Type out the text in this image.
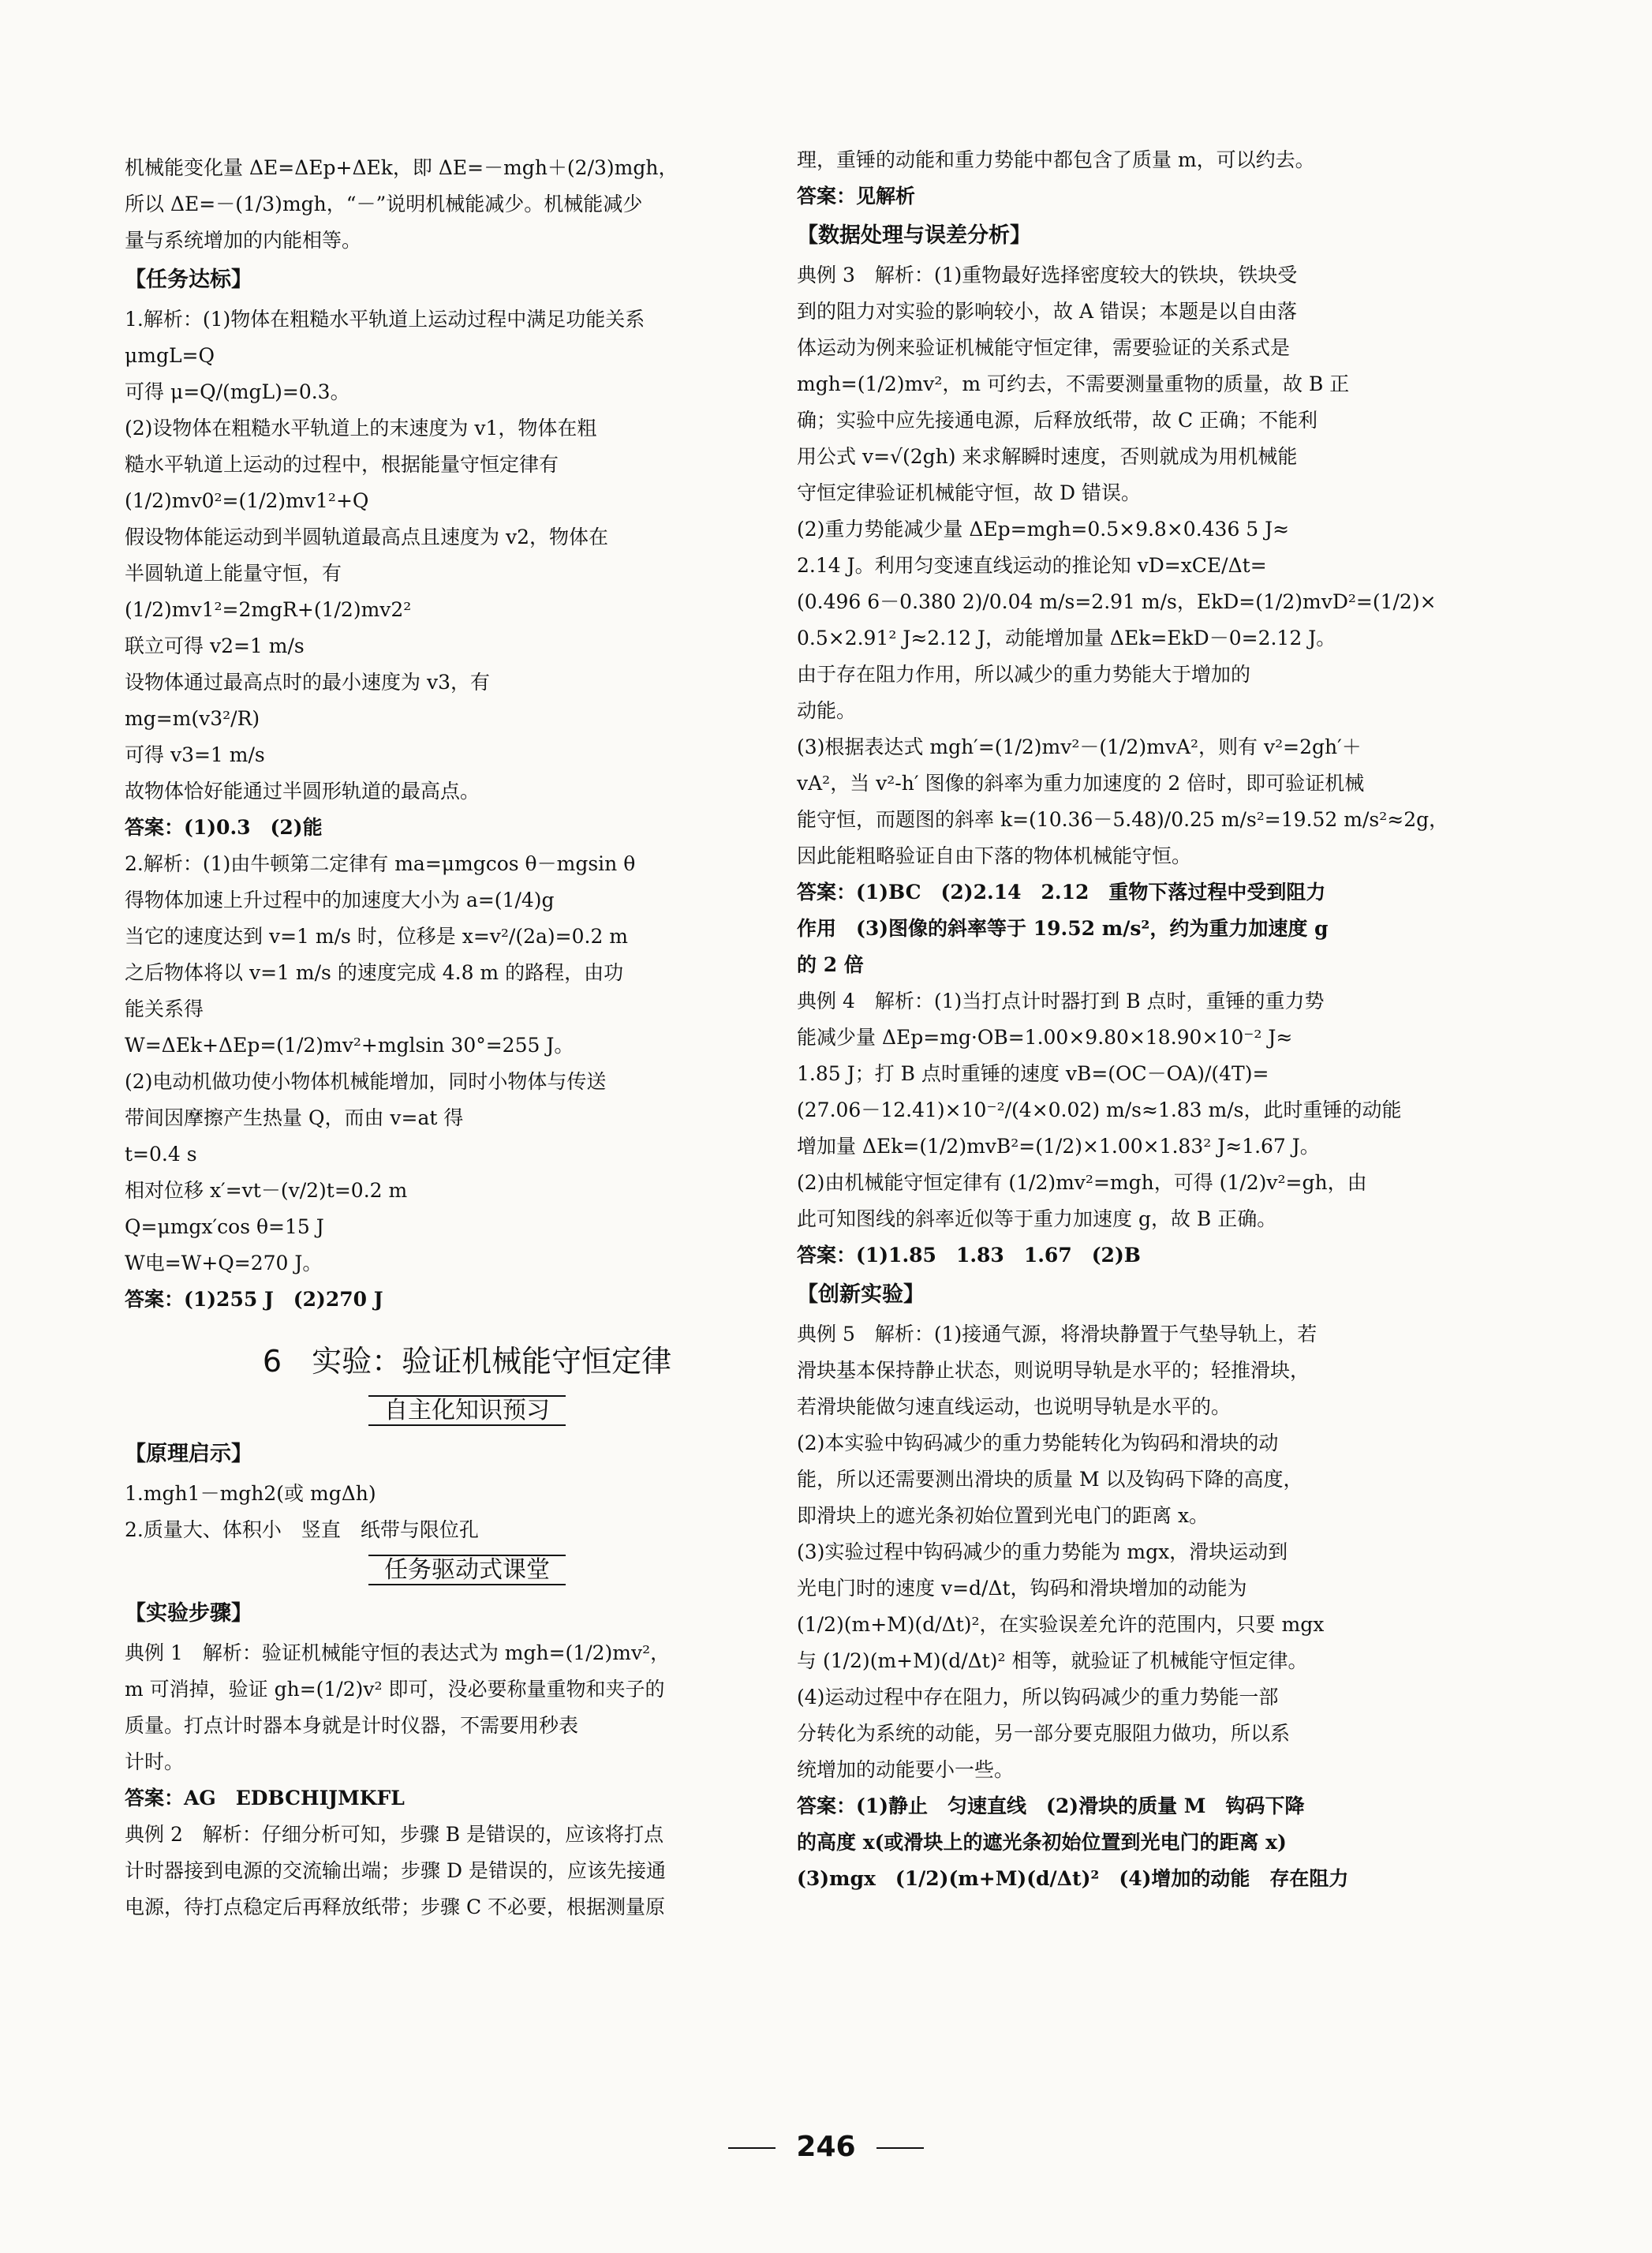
机械能变化量 ΔE=ΔEp+ΔEk，即 ΔE=－mgh＋(2/3)mgh，

所以 ΔE=－(1/3)mgh，“－”说明机械能减少。机械能减少

量与系统增加的内能相等。

【任务达标】

1.解析：(1)物体在粗糙水平轨道上运动过程中满足功能关系

μmgL=Q

可得 μ=Q/(mgL)=0.3。

(2)设物体在粗糙水平轨道上的末速度为 v1，物体在粗

糙水平轨道上运动的过程中，根据能量守恒定律有

(1/2)mv0²=(1/2)mv1²+Q

假设物体能运动到半圆轨道最高点且速度为 v2，物体在

半圆轨道上能量守恒，有

(1/2)mv1²=2mgR+(1/2)mv2²

联立可得 v2=1 m/s

设物体通过最高点时的最小速度为 v3，有

mg=m(v3²/R)

可得 v3=1 m/s

故物体恰好能通过半圆形轨道的最高点。

答案：(1)0.3　(2)能

2.解析：(1)由牛顿第二定律有 ma=μmgcos θ－mgsin θ

得物体加速上升过程中的加速度大小为 a=(1/4)g

当它的速度达到 v=1 m/s 时，位移是 x=v²/(2a)=0.2 m

之后物体将以 v=1 m/s 的速度完成 4.8 m 的路程，由功

能关系得

W=ΔEk+ΔEp=(1/2)mv²+mglsin 30°=255 J。

(2)电动机做功使小物体机械能增加，同时小物体与传送

带间因摩擦产生热量 Q，而由 v=at 得

t=0.4 s

相对位移 x′=vt－(v/2)t=0.2 m

Q=μmgx′cos θ=15 J

W电=W+Q=270 J。

答案：(1)255 J　(2)270 J

6　实验：验证机械能守恒定律

自主化知识预习

【原理启示】

1.mgh1－mgh2(或 mgΔh)

2.质量大、体积小　竖直　纸带与限位孔

任务驱动式课堂

【实验步骤】

典例 1　解析：验证机械能守恒的表达式为 mgh=(1/2)mv²，

m 可消掉，验证 gh=(1/2)v² 即可，没必要称量重物和夹子的

质量。打点计时器本身就是计时仪器，不需要用秒表

计时。

答案：AG　EDBCHIJMKFL

典例 2　解析：仔细分析可知，步骤 B 是错误的，应该将打点

计时器接到电源的交流输出端；步骤 D 是错误的，应该先接通

电源，待打点稳定后再释放纸带；步骤 C 不必要，根据测量原

理，重锤的动能和重力势能中都包含了质量 m，可以约去。

答案：见解析

【数据处理与误差分析】

典例 3　解析：(1)重物最好选择密度较大的铁块，铁块受

到的阻力对实验的影响较小，故 A 错误；本题是以自由落

体运动为例来验证机械能守恒定律，需要验证的关系式是

mgh=(1/2)mv²，m 可约去，不需要测量重物的质量，故 B 正

确；实验中应先接通电源，后释放纸带，故 C 正确；不能利

用公式 v=√(2gh) 来求解瞬时速度，否则就成为用机械能

守恒定律验证机械能守恒，故 D 错误。

(2)重力势能减少量 ΔEp=mgh=0.5×9.8×0.436 5 J≈

2.14 J。利用匀变速直线运动的推论知 vD=xCE/Δt=

(0.496 6－0.380 2)/0.04 m/s=2.91 m/s，EkD=(1/2)mvD²=(1/2)×

0.5×2.91² J≈2.12 J，动能增加量 ΔEk=EkD－0=2.12 J。

由于存在阻力作用，所以减少的重力势能大于增加的

动能。

(3)根据表达式 mgh′=(1/2)mv²－(1/2)mvA²，则有 v²=2gh′＋

vA²，当 v²-h′ 图像的斜率为重力加速度的 2 倍时，即可验证机械

能守恒，而题图的斜率 k=(10.36－5.48)/0.25 m/s²=19.52 m/s²≈2g，

因此能粗略验证自由下落的物体机械能守恒。

答案：(1)BC　(2)2.14　2.12　重物下落过程中受到阻力

作用　(3)图像的斜率等于 19.52 m/s²，约为重力加速度 g

的 2 倍

典例 4　解析：(1)当打点计时器打到 B 点时，重锤的重力势

能减少量 ΔEp=mg·OB=1.00×9.80×18.90×10⁻² J≈

1.85 J；打 B 点时重锤的速度 vB=(OC－OA)/(4T)=

(27.06－12.41)×10⁻²/(4×0.02) m/s≈1.83 m/s，此时重锤的动能

增加量 ΔEk=(1/2)mvB²=(1/2)×1.00×1.83² J≈1.67 J。

(2)由机械能守恒定律有 (1/2)mv²=mgh，可得 (1/2)v²=gh，由

此可知图线的斜率近似等于重力加速度 g，故 B 正确。

答案：(1)1.85　1.83　1.67　(2)B

【创新实验】

典例 5　解析：(1)接通气源，将滑块静置于气垫导轨上，若

滑块基本保持静止状态，则说明导轨是水平的；轻推滑块，

若滑块能做匀速直线运动，也说明导轨是水平的。

(2)本实验中钩码减少的重力势能转化为钩码和滑块的动

能，所以还需要测出滑块的质量 M 以及钩码下降的高度，

即滑块上的遮光条初始位置到光电门的距离 x。

(3)实验过程中钩码减少的重力势能为 mgx，滑块运动到

光电门时的速度 v=d/Δt，钩码和滑块增加的动能为

(1/2)(m+M)(d/Δt)²，在实验误差允许的范围内，只要 mgx

与 (1/2)(m+M)(d/Δt)² 相等，就验证了机械能守恒定律。

(4)运动过程中存在阻力，所以钩码减少的重力势能一部

分转化为系统的动能，另一部分要克服阻力做功，所以系

统增加的动能要小一些。

答案：(1)静止　匀速直线　(2)滑块的质量 M　钩码下降

的高度 x(或滑块上的遮光条初始位置到光电门的距离 x)

(3)mgx　(1/2)(m+M)(d/Δt)²　(4)增加的动能　存在阻力

246
